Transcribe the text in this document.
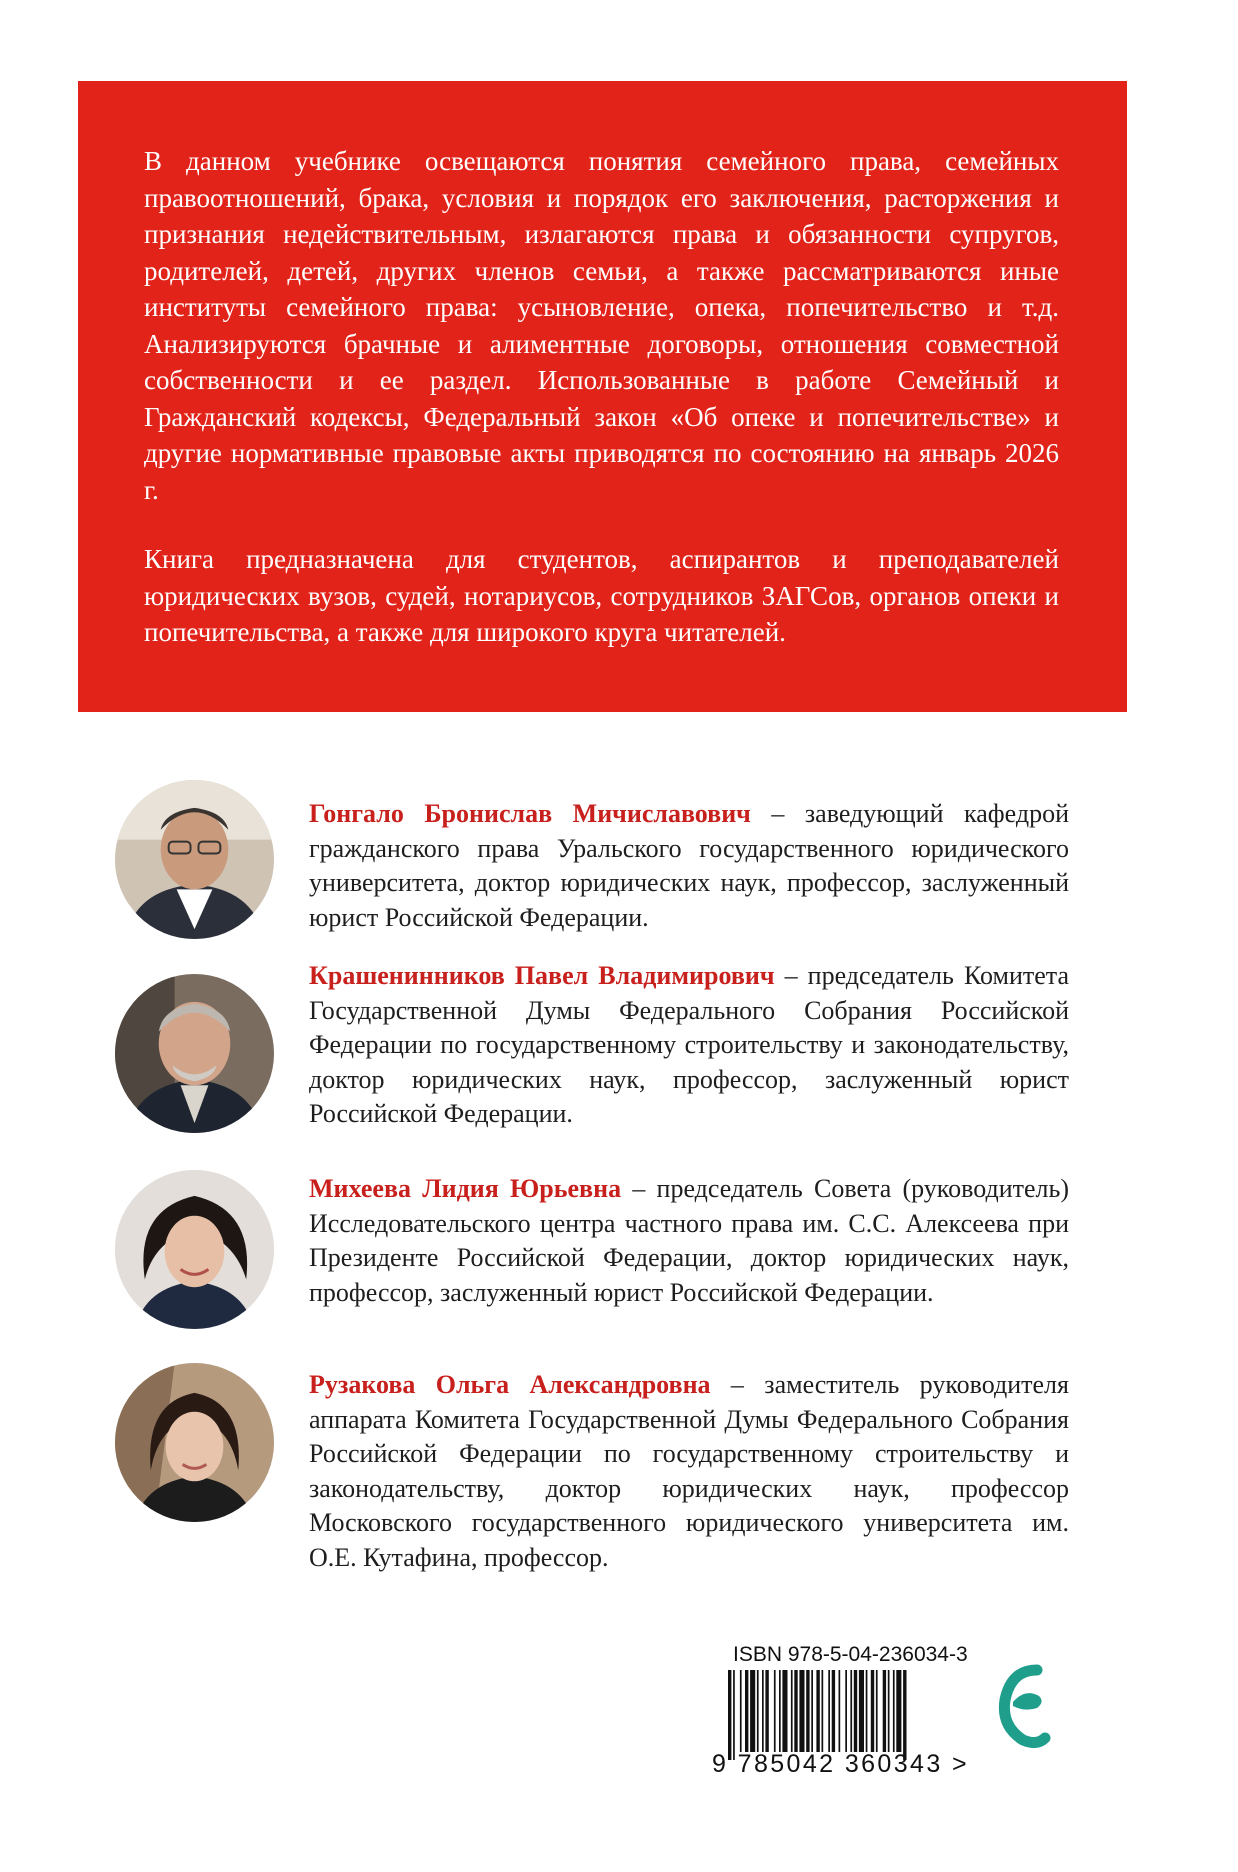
В данном учебнике освещаются понятия семейного права, семейных правоотношений, брака, условия и порядок его заключения, расторжения и признания недействительным, излагаются права и обязанности супругов, родителей, детей, других членов семьи, а также рассматриваются иные институты семейного права: усыновление, опека, попечительство и т.д. Анализируются брачные и алиментные договоры, отношения совместной собственности и ее раздел. Использованные в работе Семейный и Гражданский кодексы, Федеральный закон «Об опеке и попечительстве» и другие нормативные правовые акты приводятся по состоянию на январь 2026 г.

Книга предназначена для студентов, аспирантов и преподавателей юридических вузов, судей, нотариусов, сотрудников ЗАГСов, органов опеки и попечительства, а также для широкого круга читателей.

Гонгало Бронислав Мичиславович – заведующий кафедрой гражданского права Уральского государственного юридического университета, доктор юридических наук, профессор, заслуженный юрист Российской Федерации.

Крашенинников Павел Владимирович – председатель Комитета Государственной Думы Федерального Собрания Российской Федерации по государственному строительству и законодательству, доктор юридических наук, профессор, заслуженный юрист Российской Федерации.

Михеева Лидия Юрьевна – председатель Совета (руководитель) Исследовательского центра частного права им. С.С. Алексеева при Президенте Российской Федерации, доктор юридических наук, профессор, заслуженный юрист Российской Федерации.

Рузакова Ольга Александровна – заместитель руководителя аппарата Комитета Государственной Думы Федерального Собрания Российской Федерации по государственному строительству и законодательству, доктор юридических наук, профессор Московского государственного юридического университета им. О.Е. Кутафина, профессор.

ISBN 978-5-04-236034-3
9 785042 360343 >
